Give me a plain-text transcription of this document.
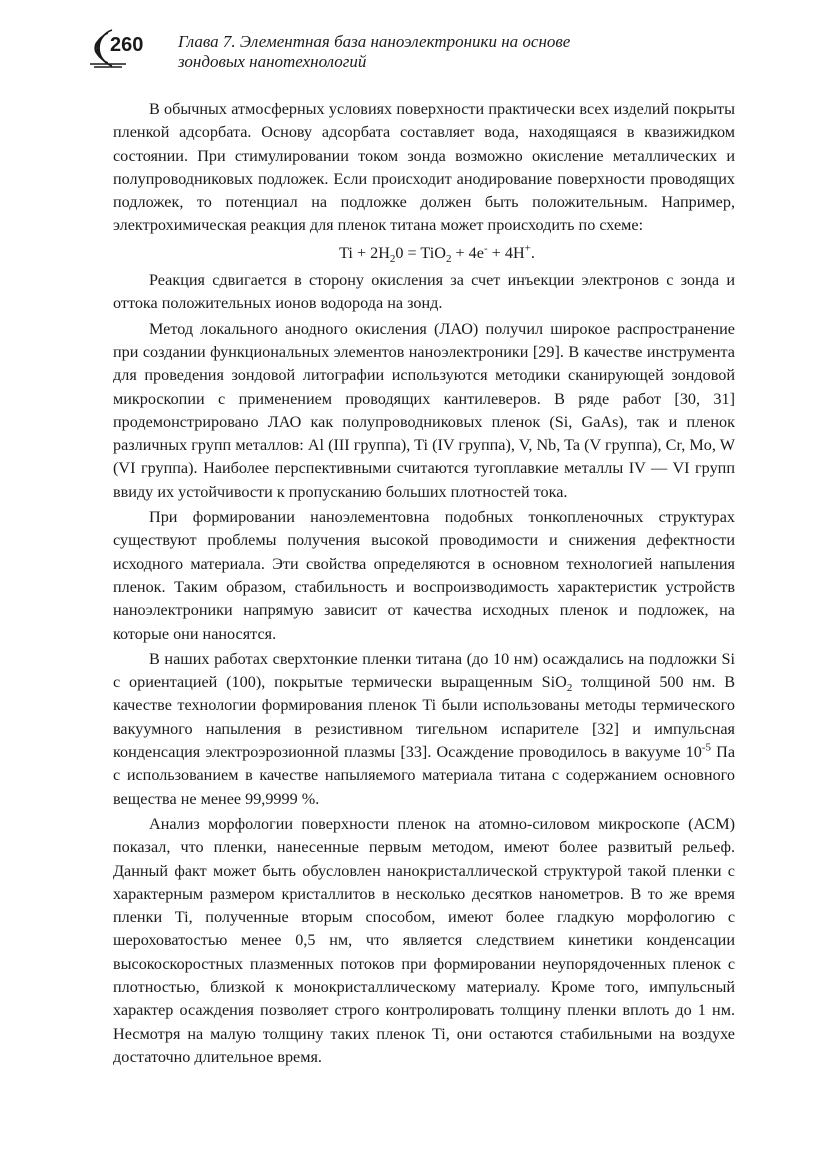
260 Глава 7. Элементная база наноэлектроники на основе
зондовых нанотехнологий

В обычных атмосферных условиях поверхности практически всех изделий покрыты пленкой адсорбата. Основу адсорбата составляет вода, находящаяся в квазижидком состоянии. При стимулировании током зонда возможно окисление металлических и полупроводниковых подложек. Если происходит анодирование поверхности проводящих подложек, то потенциал на подложке должен быть положительным. Например, электрохимическая реакция для пленок титана может происходить по схеме:

$Ti + 2H_20 = TiO_2 + 4e^- + 4H^+$.

Реакция сдвигается в сторону окисления за счет инъекции электронов с зонда и оттока положительных ионов водорода на зонд.

Метод локального анодного окисления (ЛАО) получил широкое распространение при создании функциональных элементов наноэлектроники [29]. В качестве инструмента для проведения зондовой литографии используются методики сканирующей зондовой микроскопии с применением проводящих кантилеверов. В ряде работ [30, 31] продемонстрировано ЛАО как полупроводниковых пленок (Si, GaAs), так и пленок различных групп металлов: Al (III группа), Ti (IV группа), V, Nb, Ta (V группа), Cr, Mo, W (VI группа). Наиболее перспективными считаются тугоплавкие металлы IV — VI групп ввиду их устойчивости к пропусканию больших плотностей тока.

При формировании наноэлементовна подобных тонкопленочных структурах существуют проблемы получения высокой проводимости и снижения дефектности исходного материала. Эти свойства определяются в основном технологией напыления пленок. Таким образом, стабильность и воспроизводимость характеристик устройств наноэлектроники напрямую зависит от качества исходных пленок и подложек, на которые они наносятся.

В наших работах сверхтонкие пленки титана (до 10 нм) осаждались на подложки Si с ориентацией (100), покрытые термически выращенным SiO$_2$ толщиной 500 нм. В качестве технологии формирования пленок Ti были использованы методы термического вакуумного напыления в резистивном тигельном испарителе [32] и импульсная конденсация электроэрозионной плазмы [33]. Осаждение проводилось в вакууме $10^{-5}$ Па с использованием в качестве напыляемого материала титана с содержанием основного вещества не менее 99,9999 %.

Анализ морфологии поверхности пленок на атомно-силовом микроскопе (АСМ) показал, что пленки, нанесенные первым методом, имеют более развитый рельеф. Данный факт может быть обусловлен нанокристаллической структурой такой пленки с характерным размером кристаллитов в несколько десятков нанометров. В то же время пленки Ti, полученные вторым способом, имеют более гладкую морфологию с шероховатостью менее 0,5 нм, что является следствием кинетики конденсации высокоскоростных плазменных потоков при формировании неупорядоченных пленок с плотностью, близкой к монокристаллическому материалу. Кроме того, импульсный характер осаждения позволяет строго контролировать толщину пленки вплоть до 1 нм. Несмотря на малую толщину таких пленок Ti, они остаются стабильными на воздухе достаточно длительное время.
